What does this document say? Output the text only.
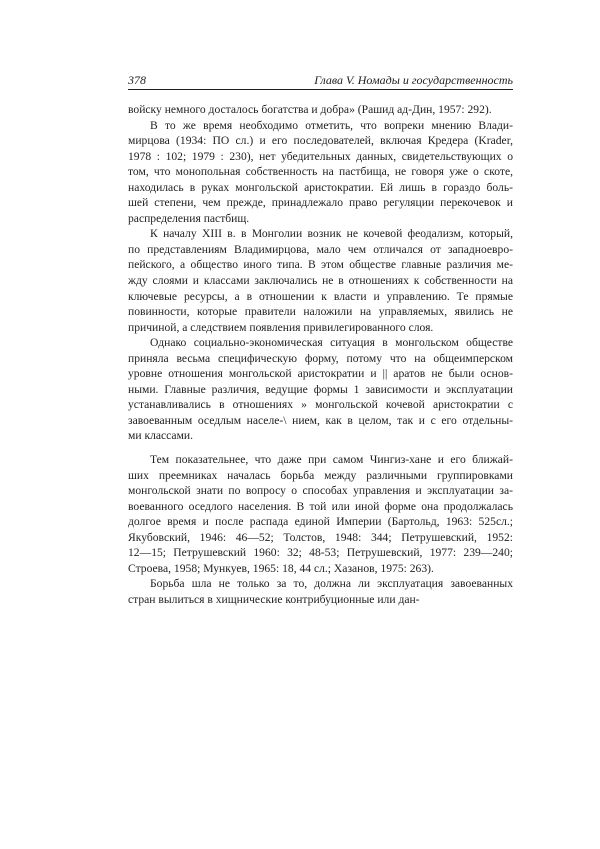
378	Глава V. Номады и государственность
войску немного досталось богатства и добра» (Рашид ад-Дин, 1957: 292).
В то же время необходимо отметить, что вопреки мнению Влади-
мирцова (1934: ПО сл.) и его последователей, включая Кредера (Krader,
1978 : 102; 1979 : 230), нет убедительных данных, свидетельствующих о
том, что монопольная собственность на пастбища, не говоря уже о скоте,
находилась в руках монгольской аристократии. Ей лишь в гораздо боль-
шей степени, чем прежде, принадлежало право регуляции перекочевок и
распределения пастбищ.
К началу XIII в. в Монголии возник не кочевой феодализм, который,
по представлениям Владимирцова, мало чем отличался от западноевро-
пейского, а общество иного типа. В этом обществе главные различия ме-
жду слоями и классами заключались не в отношениях к собственности на
ключевые ресурсы, а в отношении к власти и управлению. Те прямые
повинности, которые правители наложили на управляемых, явились не
причиной, а следствием появления привилегированного слоя.
Однако социально-экономическая ситуация в монгольском обществе
приняла весьма специфическую форму, потому что на общеимперском
уровне отношения монгольской аристократии и || аратов не были основ-
ными. Главные различия, ведущие формы 1 зависимости и эксплуатации
устанавливались в отношениях » монгольской кочевой аристократии с
завоеванным оседлым населе-\ нием, как в целом, так и с его отдельны-
ми классами.
Тем показательнее, что даже при самом Чингиз-хане и его ближай-
ших преемниках началась борьба между различными группировками
монгольской знати по вопросу о способах управления и эксплуатации за-
воеванного оседлого населения. В той или иной форме она продолжалась
долгое время и после распада единой Империи (Бартольд, 1963: 525сл.;
Якубовский, 1946: 46—52; Толстов, 1948: 344; Петрушевский, 1952:
12—15; Петрушевский 1960: 32; 48-53; Петрушевский, 1977: 239—240;
Строева, 1958; Мункуев, 1965: 18, 44 сл.; Хазанов, 1975: 263).
Борьба шла не только за то, должна ли эксплуатация завоеванных
стран вылиться в хищнические контрибуционные или дан-
